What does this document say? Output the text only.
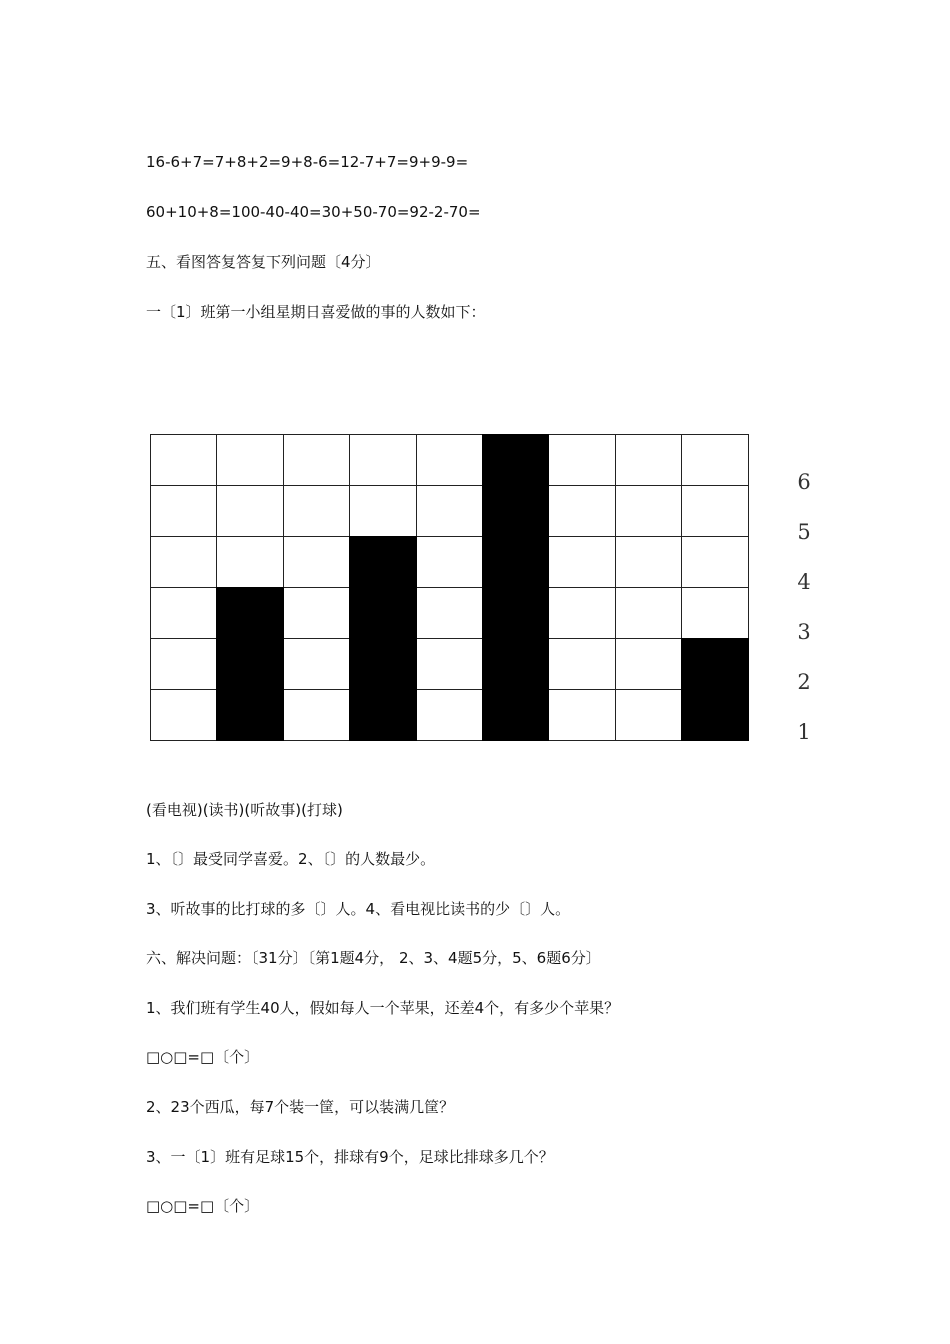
16-6+7=7+8+2=9+8-6=12-7+7=9+9-9=
60+10+8=100-40-40=30+50-70=92-2-70=
五、看图答复答复下列问题〔4分〕
一〔1〕班第一小组星期日喜爱做的事的人数如下：
6
5
4
3
2
1
(看电视)(读书)(听故事)(打球)
1、〔〕最受同学喜爱。2、〔〕的人数最少。
3、听故事的比打球的多〔〕人。4、看电视比读书的少〔〕人。
六、解决问题：〔31分〕〔第1题4分， 2、3、4题5分，5、6题6分〕
1、我们班有学生40人，假如每人一个苹果，还差4个，有多少个苹果？
□○□=□〔个〕
2、23个西瓜，每7个装一筐，可以装满几筐？
3、一〔1〕班有足球15个，排球有9个，足球比排球多几个？
□○□=□〔个〕
